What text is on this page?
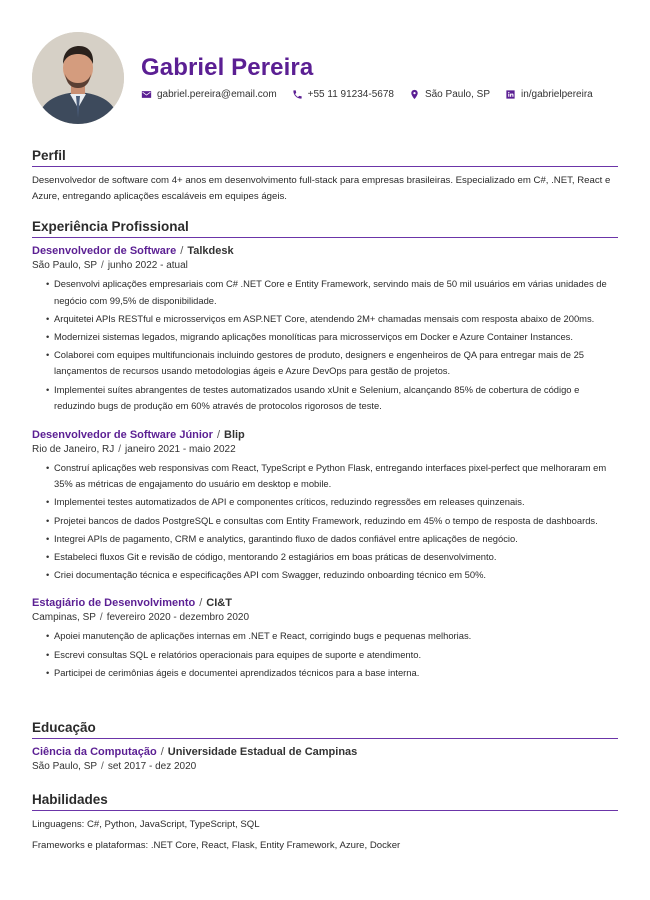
Gabriel Pereira
gabriel.pereira@email.com	+55 11 91234-5678	São Paulo, SP	in/gabrielpereira
Perfil
Desenvolvedor de software com 4+ anos em desenvolvimento full-stack para empresas brasileiras. Especializado em C#, .NET, React e Azure, entregando aplicações escaláveis em equipes ágeis.
Experiência Profissional
Desenvolvedor de Software / Talkdesk
São Paulo, SP / junho 2022 - atual
• Desenvolvi aplicações empresariais com C# .NET Core e Entity Framework, servindo mais de 50 mil usuários em várias unidades de negócio com 99,5% de disponibilidade.
• Arquitetei APIs RESTful e microsserviços em ASP.NET Core, atendendo 2M+ chamadas mensais com resposta abaixo de 200ms.
• Modernizei sistemas legados, migrando aplicações monolíticas para microsserviços em Docker e Azure Container Instances.
• Colaborei com equipes multifuncionais incluindo gestores de produto, designers e engenheiros de QA para entregar mais de 25 lançamentos de recursos usando metodologias ágeis e Azure DevOps para gestão de projetos.
• Implementei suítes abrangentes de testes automatizados usando xUnit e Selenium, alcançando 85% de cobertura de código e reduzindo bugs de produção em 60% através de protocolos rigorosos de teste.
Desenvolvedor de Software Júnior / Blip
Rio de Janeiro, RJ / janeiro 2021 - maio 2022
• Construí aplicações web responsivas com React, TypeScript e Python Flask, entregando interfaces pixel-perfect que melhoraram em 35% as métricas de engajamento do usuário em desktop e mobile.
• Implementei testes automatizados de API e componentes críticos, reduzindo regressões em releases quinzenais.
• Projetei bancos de dados PostgreSQL e consultas com Entity Framework, reduzindo em 45% o tempo de resposta de dashboards.
• Integrei APIs de pagamento, CRM e analytics, garantindo fluxo de dados confiável entre aplicações de negócio.
• Estabeleci fluxos Git e revisão de código, mentorando 2 estagiários em boas práticas de desenvolvimento.
• Criei documentação técnica e especificações API com Swagger, reduzindo onboarding técnico em 50%.
Estagiário de Desenvolvimento / CI&T
Campinas, SP / fevereiro 2020 - dezembro 2020
• Apoiei manutenção de aplicações internas em .NET e React, corrigindo bugs e pequenas melhorias.
• Escrevi consultas SQL e relatórios operacionais para equipes de suporte e atendimento.
• Participei de cerimônias ágeis e documentei aprendizados técnicos para a base interna.
Educação
Ciência da Computação / Universidade Estadual de Campinas
São Paulo, SP / set 2017 - dez 2020
Habilidades
Linguagens: C#, Python, JavaScript, TypeScript, SQL
Frameworks e plataformas: .NET Core, React, Flask, Entity Framework, Azure, Docker
